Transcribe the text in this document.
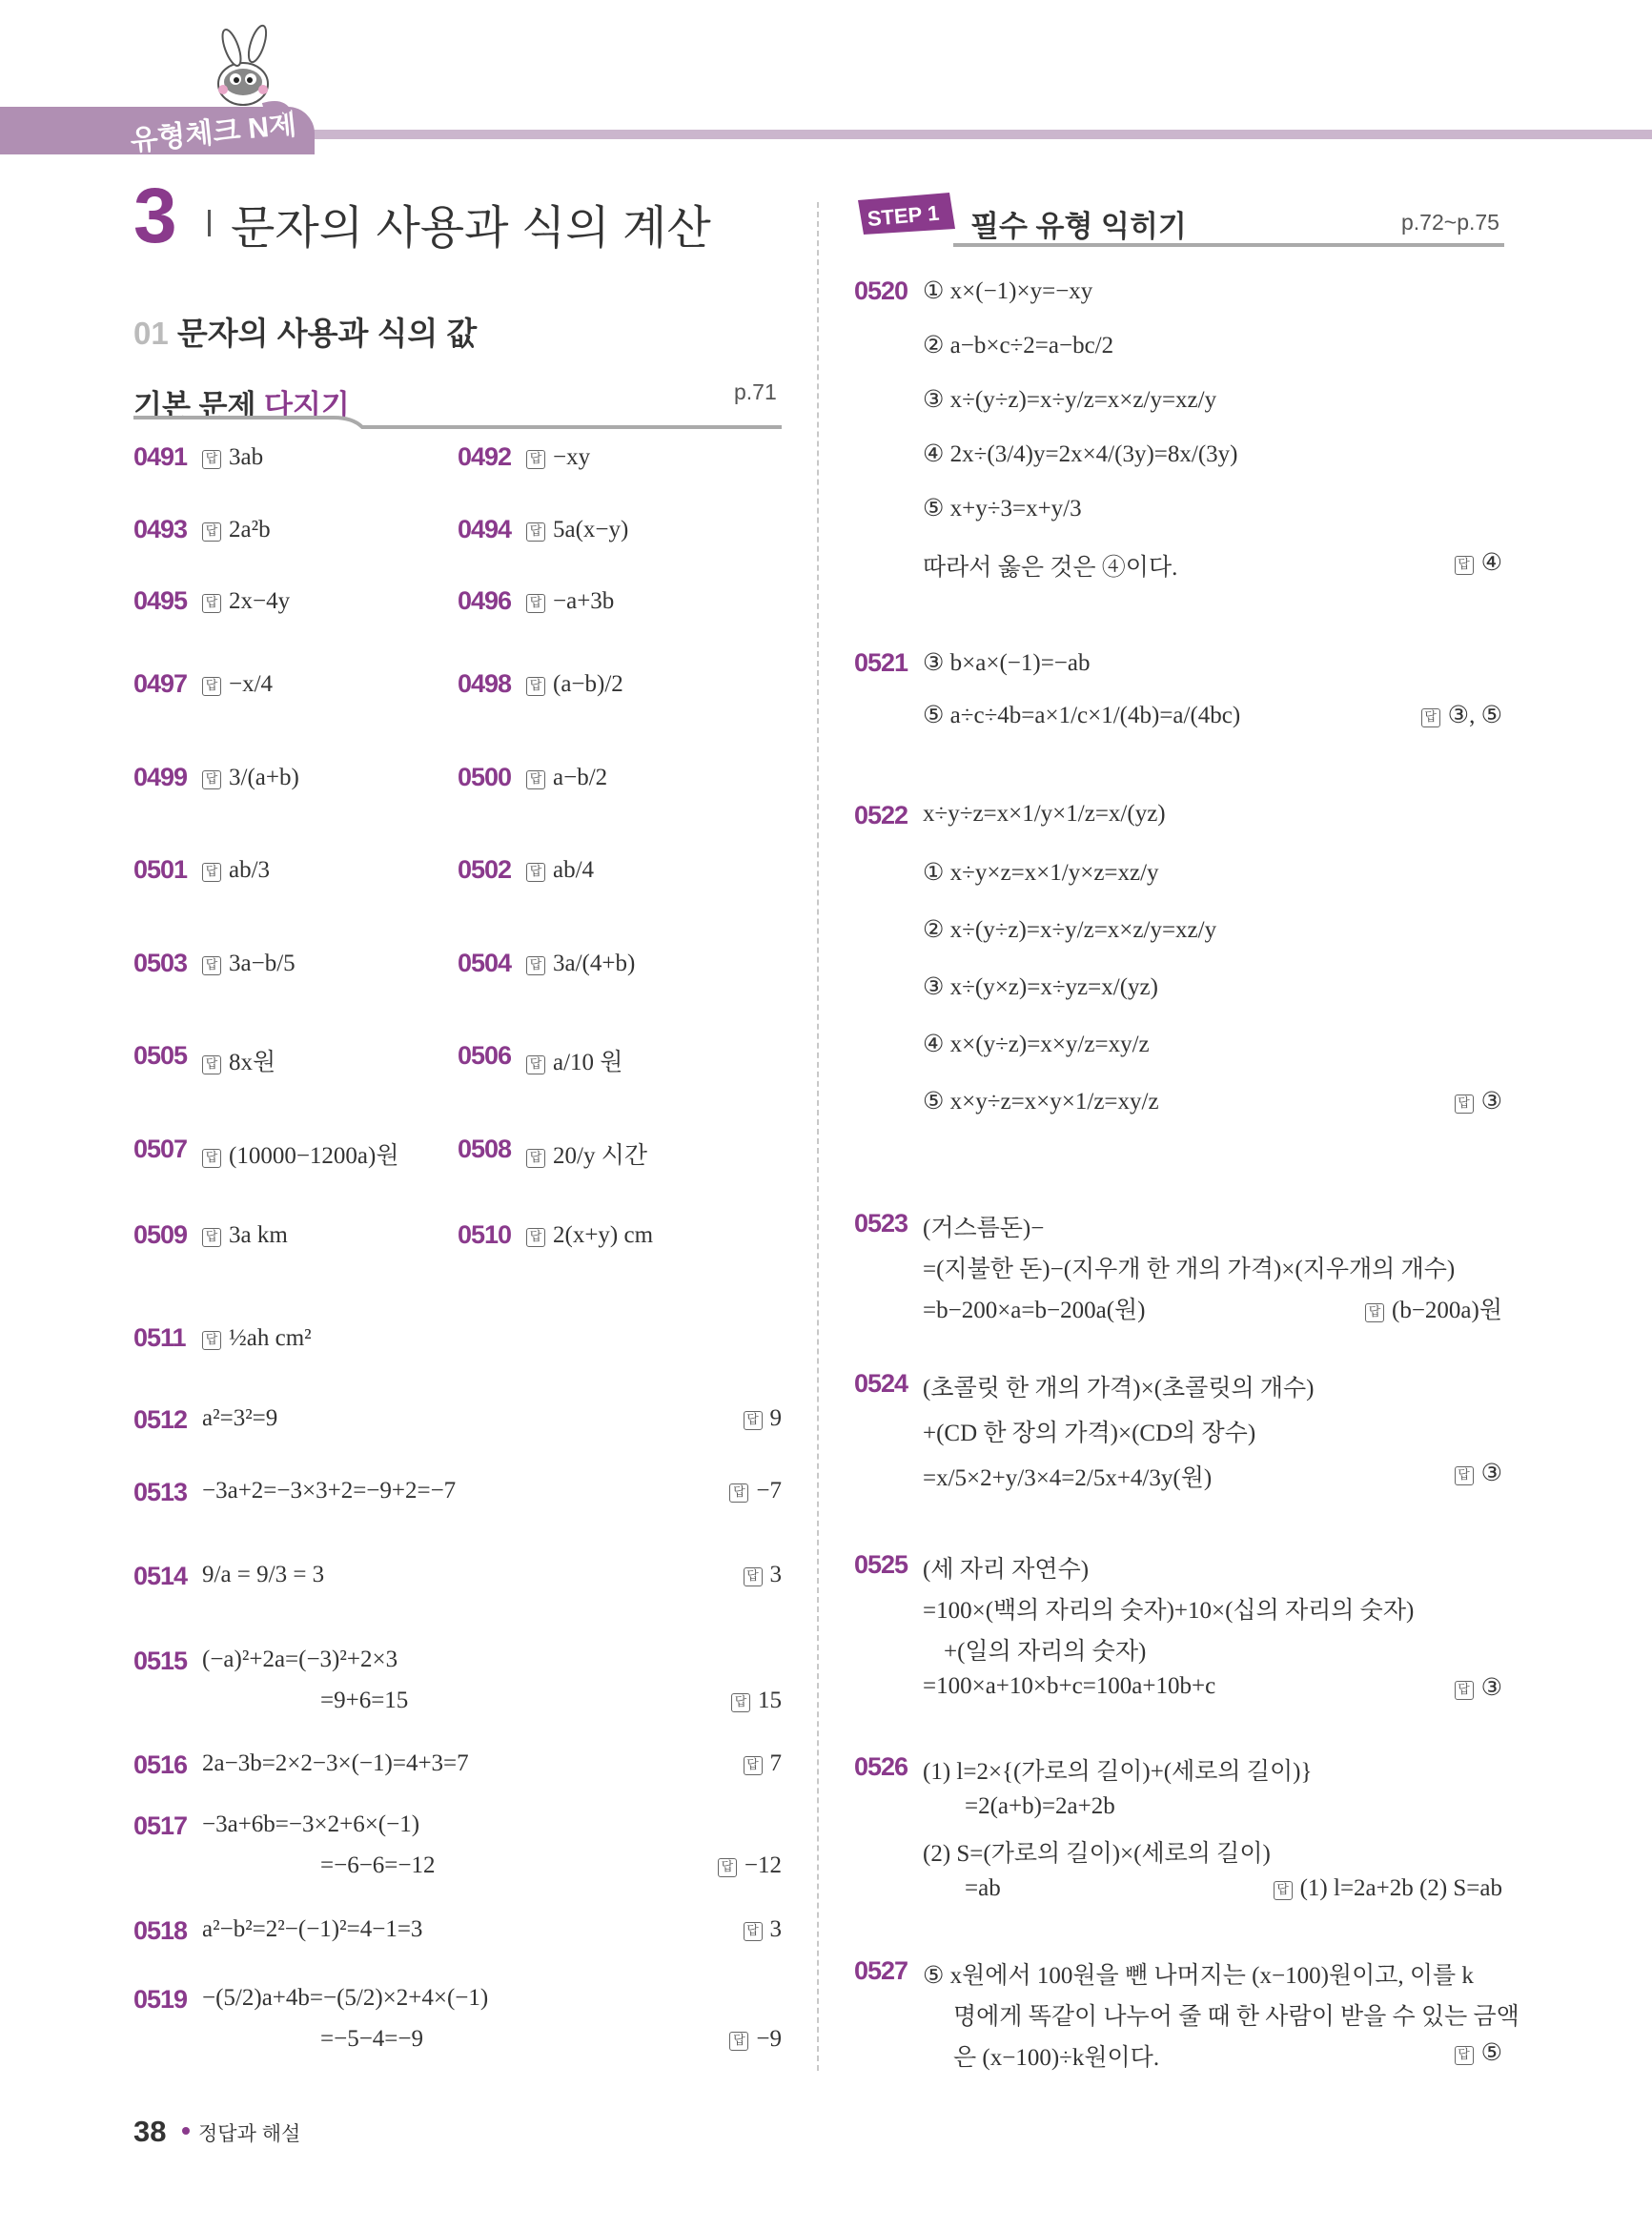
유형체크 N제
3 문자의 사용과 식의 계산
01 문자의 사용과 식의 값
기본 문제 다지기	p.71
STEP 1 필수 유형 익히기	p.72~p.75
0491 답 3ab	0492 답 −xy
0493 답 2a²b	0494 답 5a(x−y)
0495 답 2x−4y	0496 답 −a+3b
0497 답 −x/4	0498 답 (a−b)/2
0499 답 3/(a+b)	0500 답 a−b/2
0501 답 ab/3	0502 답 ab/4
0503 답 3a−b/5	0504 답 3a/(4+b)
0505 답 8x원	0506 답 a/10 원
0507 답 (10000−1200a)원 0508 답 20/y 시간
0509 답 3a km	0510 답 2(x+y) cm
0511 답 ½ah cm²
0512 a²=3²=9	답 9
0513 −3a+2=−3×3+2=−9+2=−7	답 −7
0514 9/a = 9/3 = 3	답 3
0515 (−a)²+2a=(−3)²+2×3
=9+6=15	답 15
0516 2a−3b=2×2−3×(−1)=4+3=7	답 7
0517 −3a+6b=−3×2+6×(−1)
=−6−6=−12	답 −12
0518 a²−b²=2²−(−1)²=4−1=3	답 3
0519 −(5/2)a+4b=−(5/2)×2+4×(−1)
=−5−4=−9	답 −9
0520 ① x×(−1)×y=−xy
② a−b×c÷2=a−bc/2
③ x÷(y÷z)=x÷y/z=x×z/y=xz/y
④ 2x÷(3/4)y=2x×4/(3y)=8x/(3y)
⑤ x+y÷3=x+y/3
따라서 옳은 것은 ④이다.	답 ④
0521 ③ b×a×(−1)=−ab
⑤ a÷c÷4b=a×1/c×1/(4b)=a/(4bc)	답 ③, ⑤
0522 x÷y÷z=x×1/y×1/z=x/(yz)
① x÷y×z=x×1/y×z=xz/y
② x÷(y÷z)=x÷y/z=x×z/y=xz/y
③ x÷(y×z)=x÷yz=x/(yz)
④ x×(y÷z)=x×y/z=xy/z
⑤ x×y÷z=x×y×1/z=xy/z	답 ③
0523 (거스름돈)−
=(지불한 돈)−(지우개 한 개의 가격)×(지우개의 개수)
=b−200×a=b−200a(원)	답 (b−200a)원
0524 (초콜릿 한 개의 가격)×(초콜릿의 개수)
+(CD 한 장의 가격)×(CD의 장수)
=x/5×2+y/3×4=2/5x+4/3y(원)	답 ③
0525 (세 자리 자연수)
=100×(백의 자리의 숫자)+10×(십의 자리의 숫자)
+(일의 자리의 숫자)
=100×a+10×b+c=100a+10b+c	답 ③
0526 (1) l=2×{(가로의 길이)+(세로의 길이)}
=2(a+b)=2a+2b
(2) S=(가로의 길이)×(세로의 길이)
=ab	답 (1) l=2a+2b (2) S=ab
0527 ⑤ x원에서 100원을 뺀 나머지는 (x−100)원이고, 이를 k
명에게 똑같이 나누어 줄 때 한 사람이 받을 수 있는 금액
은 (x−100)÷k원이다.	답 ⑤
38 정답과 해설
